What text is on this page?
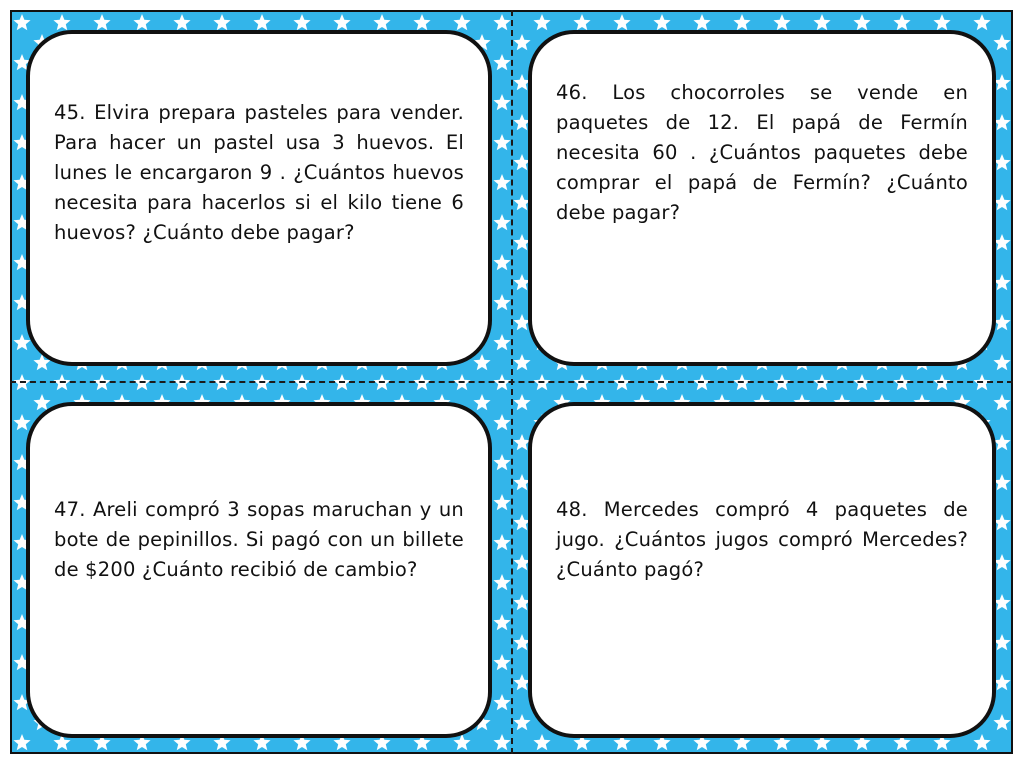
45. Elvira prepara pasteles para vender. Para hacer un pastel usa 3 huevos. El lunes le encargaron 9 . ¿Cuántos huevos necesita para hacerlos si el kilo tiene 6 huevos? ¿Cuánto debe pagar?

46. Los chocorroles se vende en paquetes de 12. El papá de Fermín necesita 60 . ¿Cuántos paquetes debe comprar el papá de Fermín? ¿Cuánto debe pagar?

47. Areli compró 3 sopas maruchan y un bote de pepinillos. Si pagó con un billete de $200 ¿Cuánto recibió de cambio?

48. Mercedes compró 4 paquetes de jugo. ¿Cuántos jugos compró Mercedes? ¿Cuánto pagó?
